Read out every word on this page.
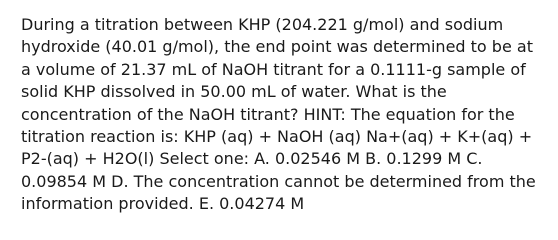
During a titration between KHP (204.221 g/mol) and sodium hydroxide (40.01 g/mol), the end point was determined to be at a volume of 21.37 mL of NaOH titrant for a 0.1111-g sample of solid KHP dissolved in 50.00 mL of water. What is the concentration of the NaOH titrant? HINT: The equation for the titration reaction is: KHP (aq) + NaOH (aq) Na+(aq) + K+(aq) + P2-(aq) + H2O(l) Select one: A. 0.02546 M B. 0.1299 M C. 0.09854 M D. The concentration cannot be determined from the information provided. E. 0.04274 M
